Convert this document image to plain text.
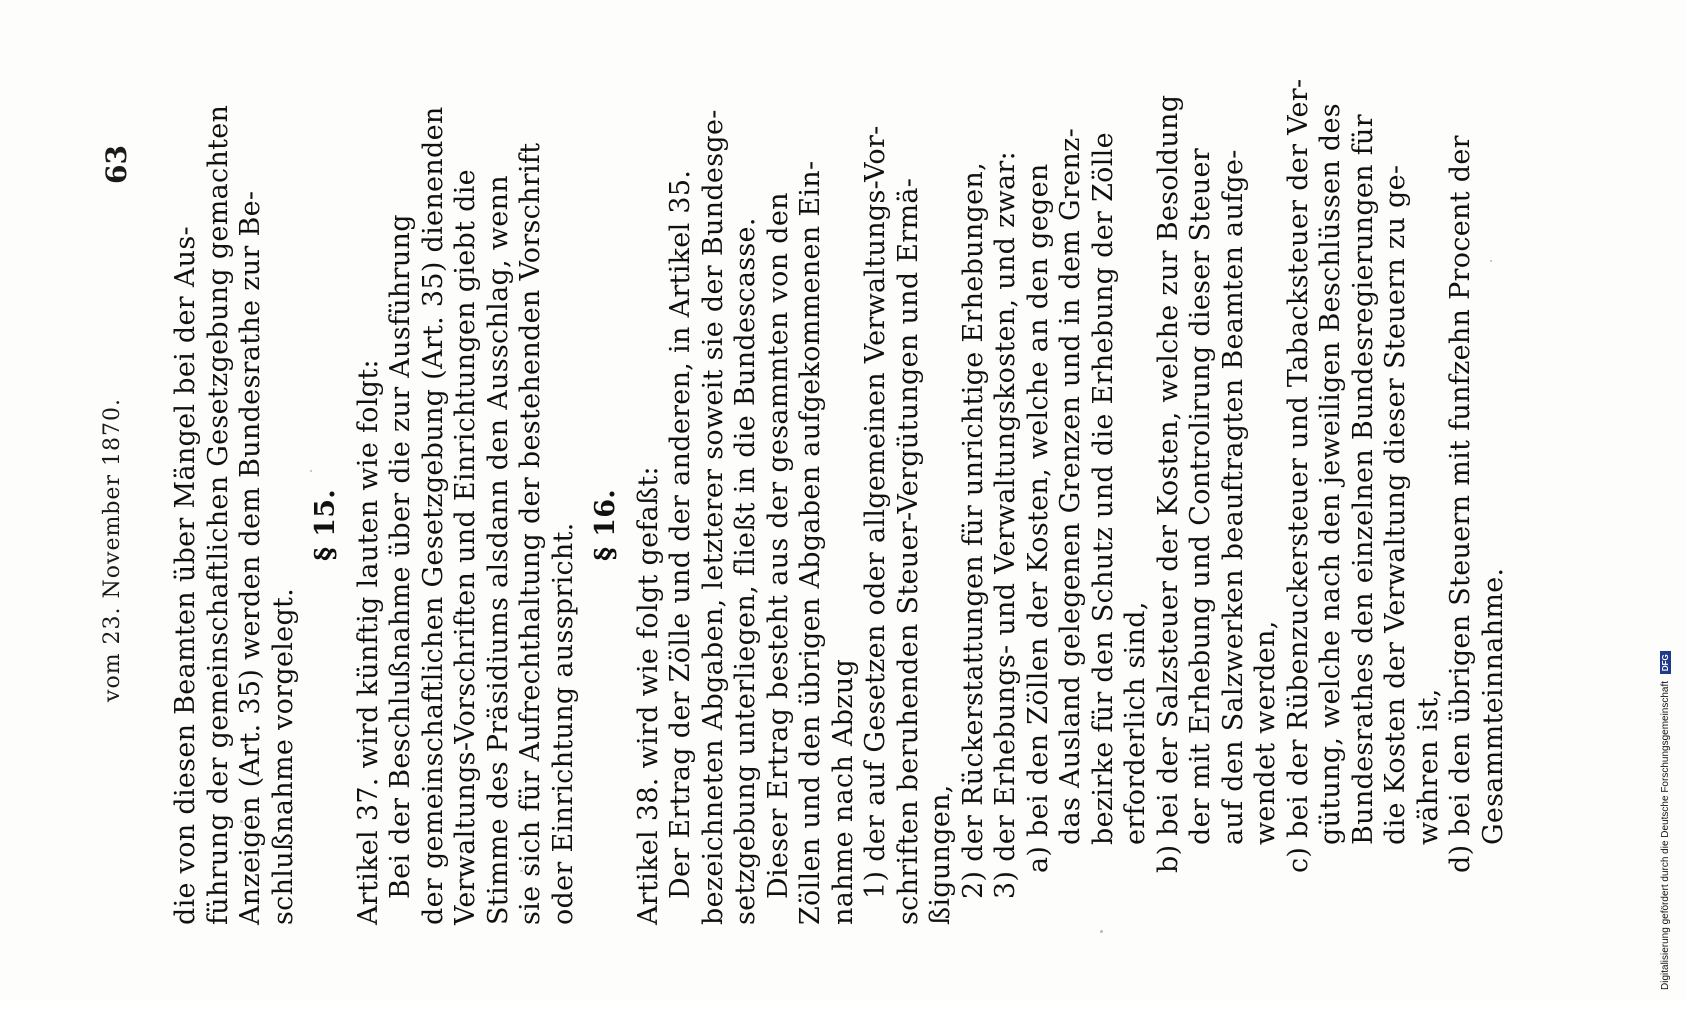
vom 23. November 1870.
63

die von diesen Beamten über Mängel bei der Aus- führung der gemeinschaftlichen Gesetzgebung gemachten Anzeigen (Art. 35) werden dem Bundesrathe zur Be- schlußnahme vorgelegt.

§ 15. Artikel 37. wird künftig lauten wie folgt: Bei der Beschlußnahme über die zur Ausführung der gemeinschaftlichen Gesetzgebung (Art. 35) dienenden Verwaltungs-Vorschriften und Einrichtungen giebt die Stimme des Präsidiums alsdann den Ausschlag, wenn sie sich für Aufrechthaltung der bestehenden Vorschrift oder Einrichtung ausspricht. § 16. Artikel 38. wird wie folgt gefaßt: Der Ertrag der Zölle und der anderen, in Artikel 35. bezeichneten Abgaben, letzterer soweit sie der Bundesge- setzgebung unterliegen, fließt in die Bundescasse. Dieser Ertrag besteht aus der gesammten von den Zöllen und den übrigen Abgaben aufgekommenen Ein- nahme nach Abzug 1) der auf Gesetzen oder allgemeinen Verwaltungs-Vor- schriften beruhenden Steuer-Vergütungen und Ermä- ßigungen, 2) der Rückerstattungen für unrichtige Erhebungen, 3) der Erhebungs- und Verwaltungskosten, und zwar: a) bei den Zöllen der Kosten, welche an den gegen das Ausland gelegenen Grenzen und in dem Grenz- bezirke für den Schutz und die Erhebung der Zölle erforderlich sind, b) bei der Salzsteuer der Kosten, welche zur Besoldung der mit Erhebung und Controlirung dieser Steuer auf den Salzwerken beauftragten Beamten aufge- wendet werden, c) bei der Rübenzuckersteuer und Tabacksteuer der Ver- gütung, welche nach den jeweiligen Beschlüssen des Bundesrathes den einzelnen Bundesregierungen für die Kosten der Verwaltung dieser Steuern zu ge- währen ist, d) bei den übrigen Steuern mit funfzehn Procent der Gesammteinnahme.	Digitalisierung gefördert durch die Deutsche Forschungsgemeinschaft DFG
